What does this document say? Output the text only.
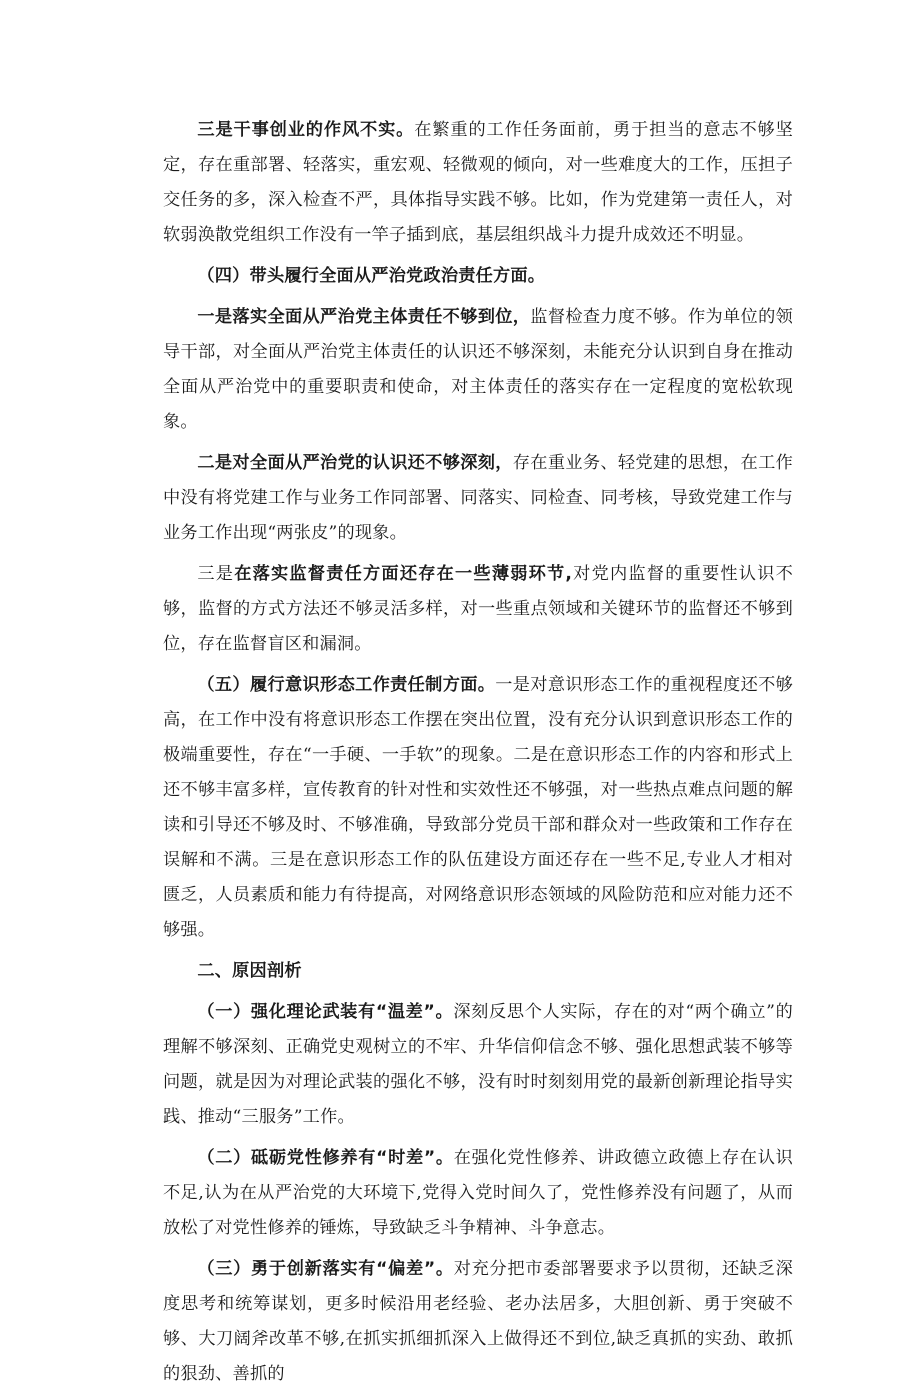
三是干事创业的作风不实。在繁重的工作任务面前，勇于担当的意志不够坚定，存在重部署、轻落实，重宏观、轻微观的倾向，对一些难度大的工作，压担子交任务的多，深入检查不严，具体指导实践不够。比如，作为党建第一责任人，对软弱涣散党组织工作没有一竿子插到底，基层组织战斗力提升成效还不明显。

（四）带头履行全面从严治党政治责任方面。

一是落实全面从严治党主体责任不够到位，监督检查力度不够。作为单位的领导干部，对全面从严治党主体责任的认识还不够深刻，未能充分认识到自身在推动全面从严治党中的重要职责和使命，对主体责任的落实存在一定程度的宽松软现象。

二是对全面从严治党的认识还不够深刻，存在重业务、轻党建的思想，在工作中没有将党建工作与业务工作同部署、同落实、同检查、同考核，导致党建工作与业务工作出现“两张皮”的现象。

三是在落实监督责任方面还存在一些薄弱环节,对党内监督的重要性认识不够，监督的方式方法还不够灵活多样，对一些重点领域和关键环节的监督还不够到位，存在监督盲区和漏洞。

（五）履行意识形态工作责任制方面。一是对意识形态工作的重视程度还不够高，在工作中没有将意识形态工作摆在突出位置，没有充分认识到意识形态工作的极端重要性，存在“一手硬、一手软”的现象。二是在意识形态工作的内容和形式上还不够丰富多样，宣传教育的针对性和实效性还不够强，对一些热点难点问题的解读和引导还不够及时、不够准确，导致部分党员干部和群众对一些政策和工作存在误解和不满。三是在意识形态工作的队伍建设方面还存在一些不足,专业人才相对匮乏，人员素质和能力有待提高，对网络意识形态领域的风险防范和应对能力还不够强。

二、原因剖析

（一）强化理论武装有“温差”。深刻反思个人实际，存在的对“两个确立”的理解不够深刻、正确党史观树立的不牢、升华信仰信念不够、强化思想武装不够等问题，就是因为对理论武装的强化不够，没有时时刻刻用党的最新创新理论指导实践、推动“三服务”工作。

（二）砥砺党性修养有“时差”。在强化党性修养、讲政德立政德上存在认识不足,认为在从严治党的大环境下,党得入党时间久了，党性修养没有问题了，从而放松了对党性修养的锤炼，导致缺乏斗争精神、斗争意志。

（三）勇于创新落实有“偏差”。对充分把市委部署要求予以贯彻，还缺乏深度思考和统筹谋划，更多时候沿用老经验、老办法居多，大胆创新、勇于突破不够、大刀阔斧改革不够,在抓实抓细抓深入上做得还不到位,缺乏真抓的实劲、敢抓的狠劲、善抓的
